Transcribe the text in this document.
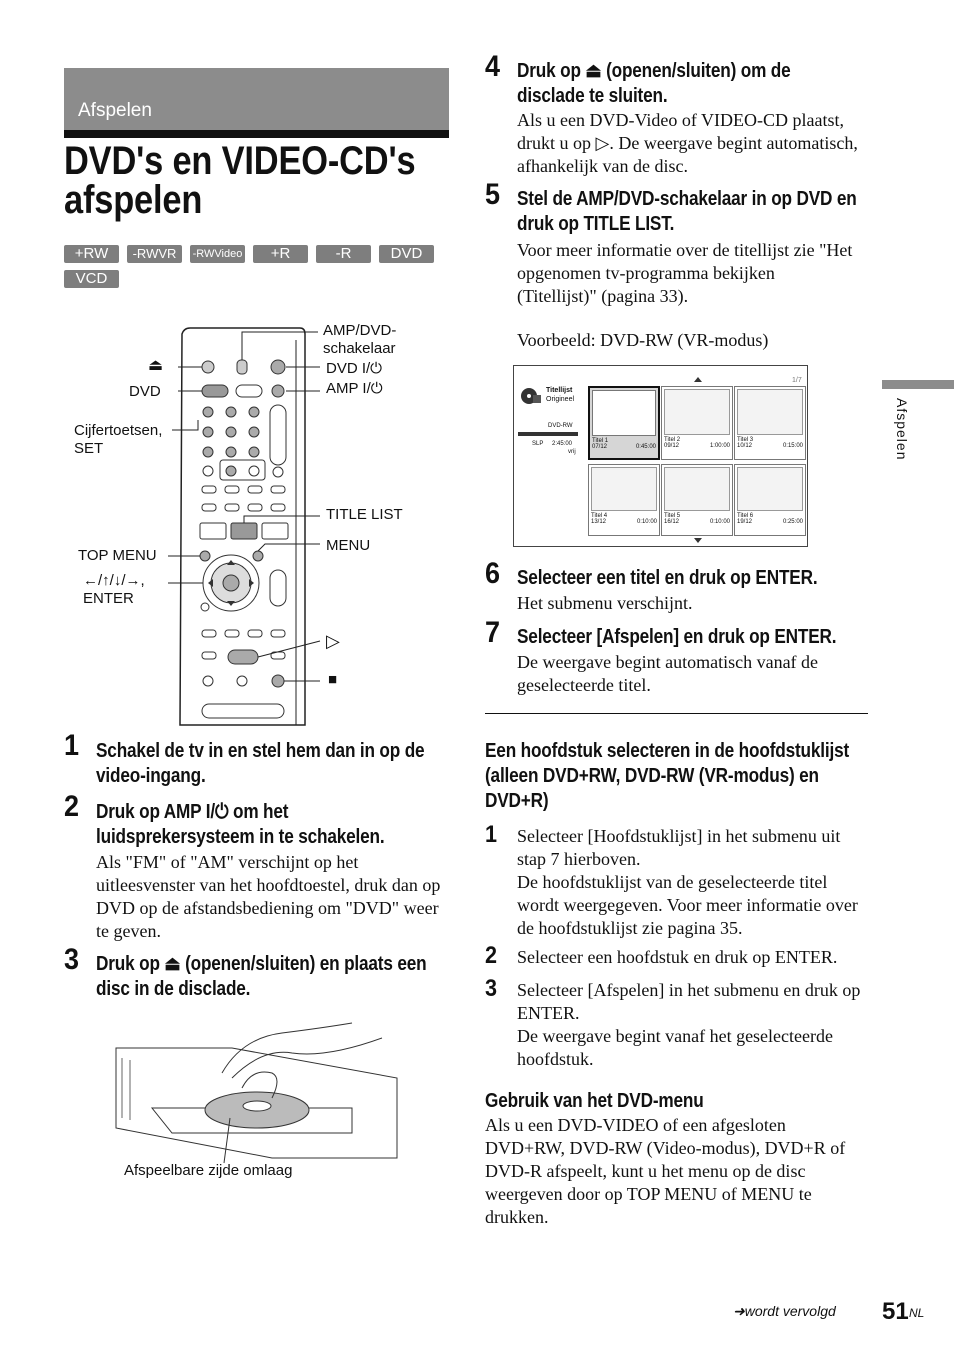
Afspelen
DVD's en VIDEO-CD's
afspelen
+RW	-RWVR	-RWVideo	+R	-R	DVD
VCD
AMP/DVD-
schakelaar
⏏	DVD I/⏻
AMP I/⏻
DVD
Cijfertoetsen,
SET
TITLE LIST
MENU
TOP MENU
←/↑/↓/→,
ENTER
▷
■
1 Schakel de tv in en stel hem dan in op de video-ingang.
2 Druk op AMP I/⏻ om het luidsprekersysteem in te schakelen.
Als "FM" of "AM" verschijnt op het uitleesvenster van het hoofdtoestel, druk dan op DVD op de afstandsbediening om "DVD" weer te geven.
3 Druk op ⏏ (openen/sluiten) en plaats een disc in de disclade.
Afspeelbare zijde omlaag
4 Druk op ⏏ (openen/sluiten) om de disclade te sluiten.
Als u een DVD-Video of VIDEO-CD plaatst, drukt u op ▷. De weergave begint automatisch, afhankelijk van de disc.
5 Stel de AMP/DVD-schakelaar in op DVD en druk op TITLE LIST.
Voor meer informatie over de titellijst zie "Het opgenomen tv-programma bekijken (Titellijst)" (pagina 33).
Voorbeeld: DVD-RW (VR-modus)
Titellijst
Origineel
DVD-RW
SLP 2:45:00
vrij
1/7
Titel 1
07/12	0:45:00
Titel 2
09/12	1:00:00
Titel 3
10/12	0:15:00
Titel 4
13/12	0:10:00
Titel 5
16/12	0:10:00
Titel 6
19/12	0:25:00
6 Selecteer een titel en druk op ENTER.
Het submenu verschijnt.
7 Selecteer [Afspelen] en druk op ENTER.
De weergave begint automatisch vanaf de geselecteerde titel.
Een hoofdstuk selecteren in de hoofdstuklijst (alleen DVD+RW, DVD-RW (VR-modus) en DVD+R)
1 Selecteer [Hoofdstuklijst] in het submenu uit stap 7 hierboven.
De hoofdstuklijst van de geselecteerde titel wordt weergegeven. Voor meer informatie over de hoofdstuklijst zie pagina 35.
2 Selecteer een hoofdstuk en druk op ENTER.
3 Selecteer [Afspelen] in het submenu en druk op ENTER.
De weergave begint vanaf het geselecteerde hoofdstuk.
Gebruik van het DVD-menu
Als u een DVD-VIDEO of een afgesloten DVD+RW, DVD-RW (Video-modus), DVD+R of DVD-R afspeelt, kunt u het menu op de disc weergeven door op TOP MENU of MENU te drukken.
Afspelen
➜wordt vervolgd 51 NL
